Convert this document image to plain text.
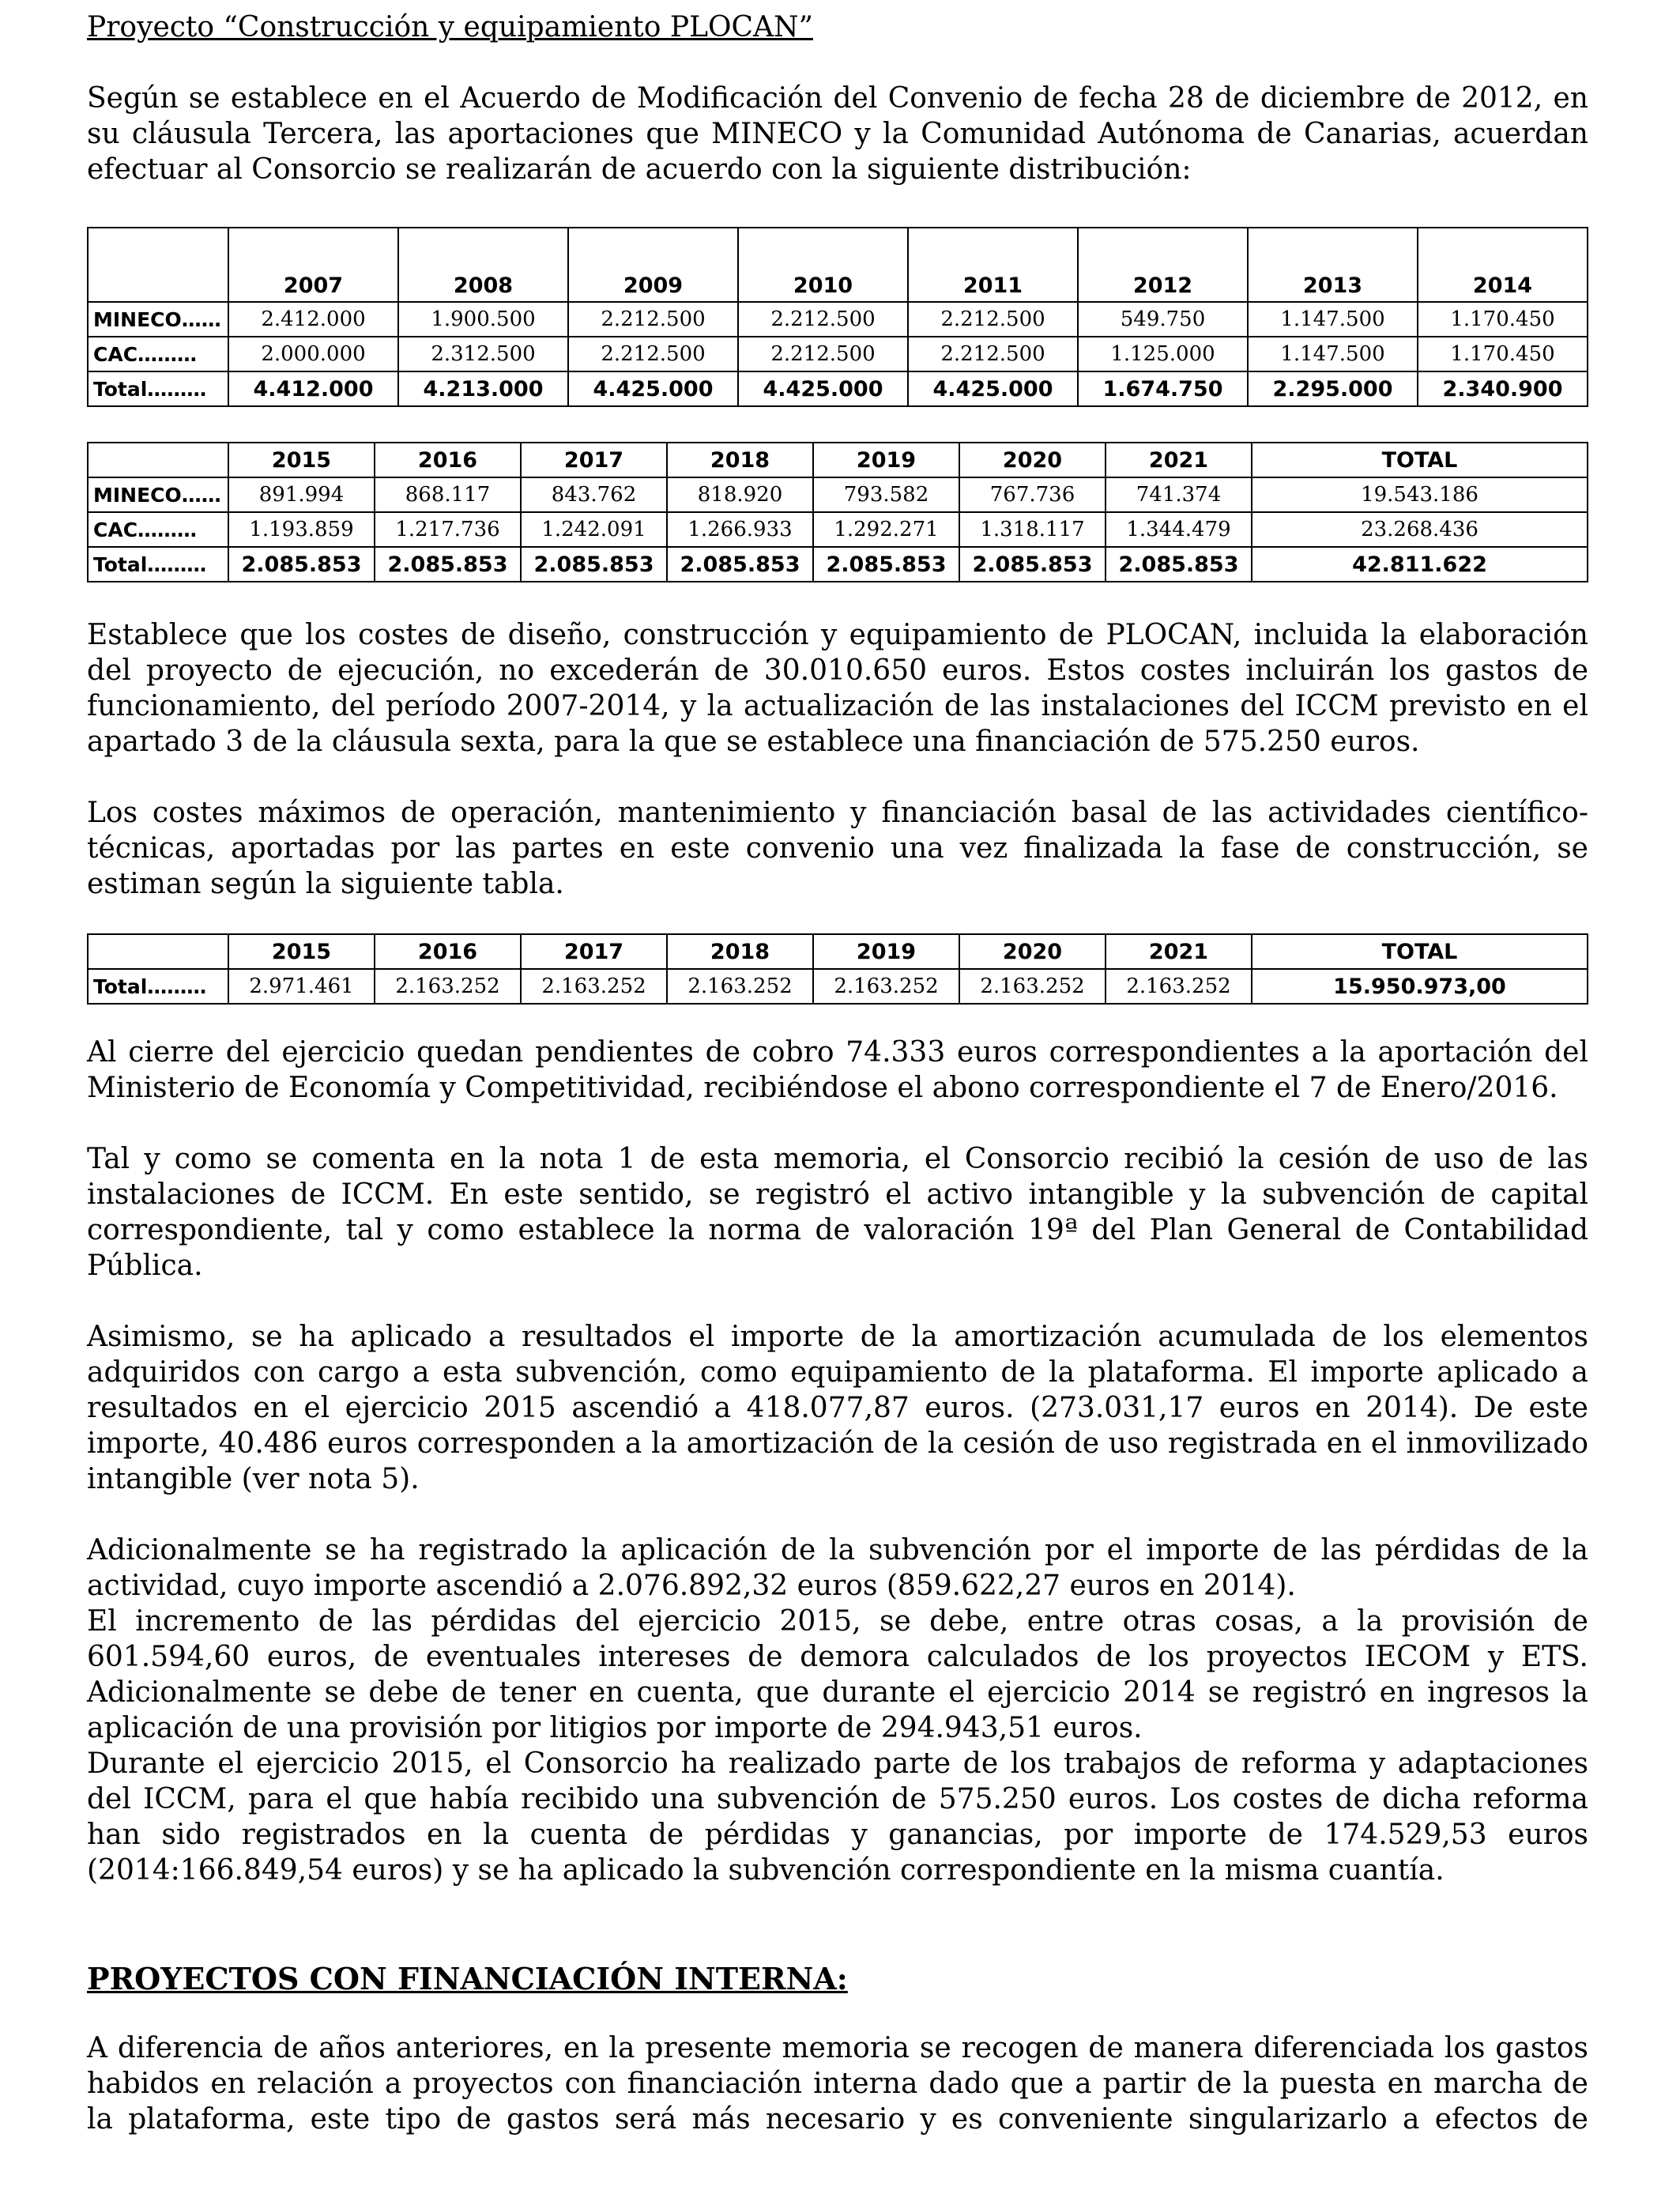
Proyecto “Construcción y equipamiento PLOCAN”

Según se establece en el Acuerdo de Modificación del Convenio de fecha 28 de diciembre de 2012, en su cláusula Tercera, las aportaciones que MINECO y la Comunidad Autónoma de Canarias, acuerdan efectuar al Consorcio se realizarán de acuerdo con la siguiente distribución:

	2007	2008	2009	2010	2011	2012	2013	2014
MINECO……	2.412.000	1.900.500	2.212.500	2.212.500	2.212.500	549.750	1.147.500	1.170.450
CAC………	2.000.000	2.312.500	2.212.500	2.212.500	2.212.500	1.125.000	1.147.500	1.170.450
Total………	4.412.000	4.213.000	4.425.000	4.425.000	4.425.000	1.674.750	2.295.000	2.340.900
	2015	2016	2017	2018	2019	2020	2021	TOTAL
MINECO……	891.994	868.117	843.762	818.920	793.582	767.736	741.374	19.543.186
CAC………	1.193.859	1.217.736	1.242.091	1.266.933	1.292.271	1.318.117	1.344.479	23.268.436
Total………	2.085.853	2.085.853	2.085.853	2.085.853	2.085.853	2.085.853	2.085.853	42.811.622

Establece que los costes de diseño, construcción y equipamiento de PLOCAN, incluida la elaboración del proyecto de ejecución, no excederán de 30.010.650 euros. Estos costes incluirán los gastos de funcionamiento, del período 2007-2014, y la actualización de las instalaciones del ICCM previsto en el apartado 3 de la cláusula sexta, para la que se establece una financiación de 575.250 euros.

Los costes máximos de operación, mantenimiento y financiación basal de las actividades científico-técnicas, aportadas por las partes en este convenio una vez finalizada la fase de construcción, se estiman según la siguiente tabla.

	2015	2016	2017	2018	2019	2020	2021	TOTAL
Total………	2.971.461	2.163.252	2.163.252	2.163.252	2.163.252	2.163.252	2.163.252	15.950.973,00

Al cierre del ejercicio quedan pendientes de cobro 74.333 euros correspondientes a la aportación del Ministerio de Economía y Competitividad, recibiéndose el abono correspondiente el 7 de Enero/2016.

Tal y como se comenta en la nota 1 de esta memoria, el Consorcio recibió la cesión de uso de las instalaciones de ICCM. En este sentido, se registró el activo intangible y la subvención de capital correspondiente, tal y como establece la norma de valoración 19ª del Plan General de Contabilidad Pública.

Asimismo, se ha aplicado a resultados el importe de la amortización acumulada de los elementos adquiridos con cargo a esta subvención, como equipamiento de la plataforma. El importe aplicado a resultados en el ejercicio 2015 ascendió a 418.077,87 euros. (273.031,17 euros en 2014). De este importe, 40.486 euros corresponden a la amortización de la cesión de uso registrada en el inmovilizado intangible (ver nota 5).

Adicionalmente se ha registrado la aplicación de la subvención por el importe de las pérdidas de la actividad, cuyo importe ascendió a 2.076.892,32 euros (859.622,27 euros en 2014).

El incremento de las pérdidas del ejercicio 2015, se debe, entre otras cosas, a la provisión de 601.594,60 euros, de eventuales intereses de demora calculados de los proyectos IECOM y ETS. Adicionalmente se debe de tener en cuenta, que durante el ejercicio 2014 se registró en ingresos la aplicación de una provisión por litigios por importe de 294.943,51 euros.

Durante el ejercicio 2015, el Consorcio ha realizado parte de los trabajos de reforma y adaptaciones del ICCM, para el que había recibido una subvención de 575.250 euros. Los costes de dicha reforma han sido registrados en la cuenta de pérdidas y ganancias, por importe de 174.529,53 euros (2014:166.849,54 euros) y se ha aplicado la subvención correspondiente en la misma cuantía.

PROYECTOS CON FINANCIACIÓN INTERNA:

A diferencia de años anteriores, en la presente memoria se recogen de manera diferenciada los gastos habidos en relación a proyectos con financiación interna dado que a partir de la puesta en marcha de la plataforma, este tipo de gastos será más necesario y es conveniente singularizarlo a efectos de
